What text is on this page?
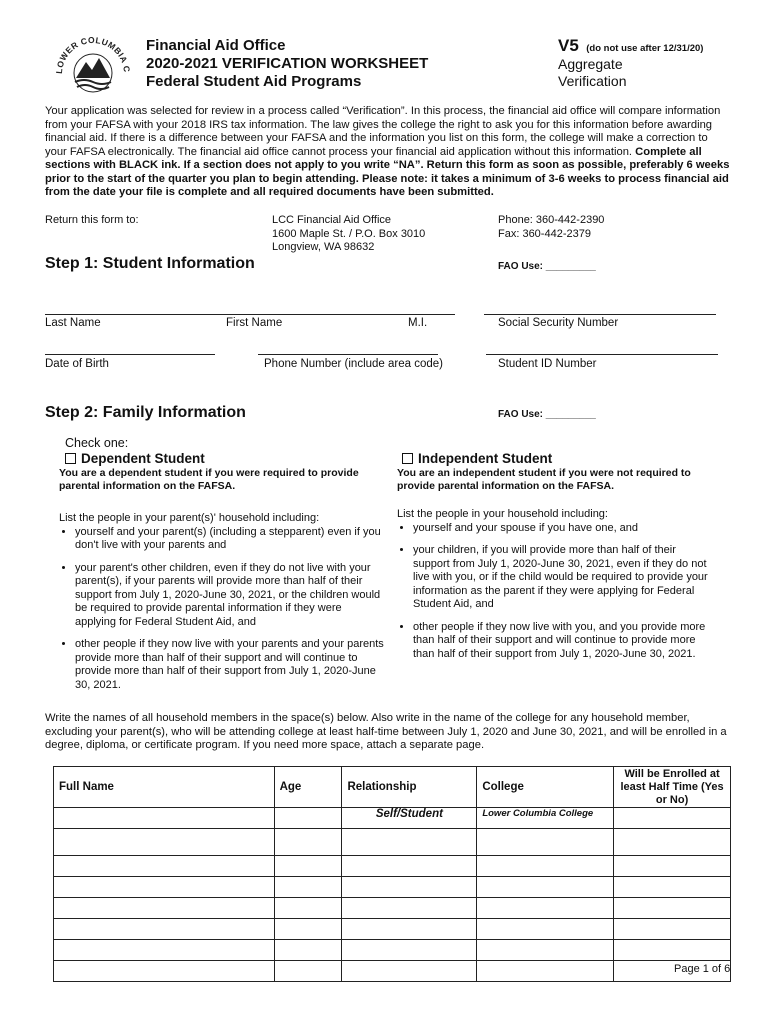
LOWER COLUMBIA C
Financial Aid Office
2020-2021 VERIFICATION WORKSHEET
Federal Student Aid Programs
V5 (do not use after 12/31/20)
Aggregate
Verification
Your application was selected for review in a process called “Verification”. In this process, the financial aid office will compare information from your FAFSA with your 2018 IRS tax information. The law gives the college the right to ask you for this information before awarding financial aid. If there is a difference between your FAFSA and the information you list on this form, the college will make a correction to your FAFSA electronically. The financial aid office cannot process your financial aid application without this information. Complete all sections with BLACK ink. If a section does not apply to you write “NA”. Return this form as soon as possible, preferably 6 weeks prior to the start of the quarter you plan to begin attending. Please note: it takes a minimum of 3-6 weeks to process financial aid from the date your file is complete and all required documents have been submitted.
Return this form to:	LCC Financial Aid Office
1600 Maple St. / P.O. Box 3010
Longview, WA 98632
Phone: 360-442-2390
Fax: 360-442-2379
Step 1: Student Information	FAO Use: _________
Last Name	First Name	M.I.	Social Security Number
Date of Birth	Phone Number (include area code)	Student ID Number
Step 2: Family Information	FAO Use: _________
Check one:
Dependent Student	Independent Student
You are a dependent student if you were required to provide parental information on the FAFSA.
You are an independent student if you were not required to provide parental information on the FAFSA.
List the people in your parent(s)' household including:
• yourself and your parent(s) (including a stepparent) even if you don't live with your parents and
• your parent's other children, even if they do not live with your parent(s), if your parents will provide more than half of their support from July 1, 2020-June 30, 2021, or the children would be required to provide parental information if they were applying for Federal Student Aid, and
• other people if they now live with your parents and your parents provide more than half of their support and will continue to provide more than half of their support from July 1, 2020-June 30, 2021.
List the people in your household including:
• yourself and your spouse if you have one, and
• your children, if you will provide more than half of their support from July 1, 2020-June 30, 2021, even if they do not live with you, or if the child would be required to provide your information as the parent if they were applying for Federal Student Aid, and
• other people if they now live with you, and you provide more than half of their support and will continue to provide more than half of their support from July 1, 2020-June 30, 2021.
Write the names of all household members in the space(s) below. Also write in the name of the college for any household member, excluding your parent(s), who will be attending college at least half-time between July 1, 2020 and June 30, 2021, and will be enrolled in a degree, diploma, or certificate program. If you need more space, attach a separate page.
Full Name	Age	Relationship	College	Will be Enrolled at least Half Time (Yes or No)
		Self/Student	Lower Columbia College	

Page 1 of 6
